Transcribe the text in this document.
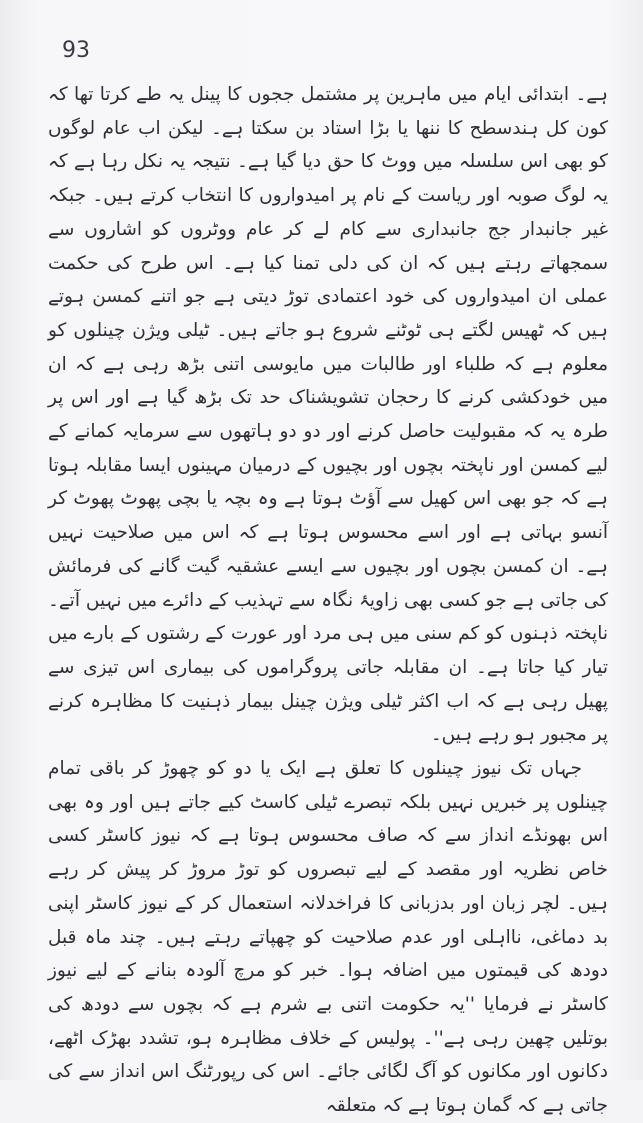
93

ہے۔ ابتدائی ایام میں ماہرین پر مشتمل ججوں کا پینل یہ طے کرتا تھا کہ کون کل ہندسطح کا ننھا یا بڑا استاد بن سکتا ہے۔ لیکن اب عام لوگوں کو بھی اس سلسلہ میں ووٹ کا حق دیا گیا ہے۔ نتیجہ یہ نکل رہا ہے کہ یہ لوگ صوبہ اور ریاست کے نام پر امیدواروں کا انتخاب کرتے ہیں۔ جبکہ غیر جانبدار جج جانبداری سے کام لے کر عام ووٹروں کو اشاروں سے سمجھاتے رہتے ہیں کہ ان کی دلی تمنا کیا ہے۔ اس طرح کی حکمت عملی ان امیدواروں کی خود اعتمادی توڑ دیتی ہے جو اتنے کمسن ہوتے ہیں کہ ٹھیس لگتے ہی ٹوٹنے شروع ہو جاتے ہیں۔ ٹیلی ویژن چینلوں کو معلوم ہے کہ طلباء اور طالبات میں مایوسی اتنی بڑھ رہی ہے کہ ان میں خودکشی کرنے کا رحجان تشویشناک حد تک بڑھ گیا ہے اور اس پر طرہ یہ کہ مقبولیت حاصل کرنے اور دو دو ہاتھوں سے سرمایہ کمانے کے لیے کمسن اور ناپختہ بچوں اور بچیوں کے درمیان مہینوں ایسا مقابلہ ہوتا ہے کہ جو بھی اس کھیل سے آؤٹ ہوتا ہے وہ بچہ یا بچی پھوٹ پھوٹ کر آنسو بہاتی ہے اور اسے محسوس ہوتا ہے کہ اس میں صلاحیت نہیں ہے۔ ان کمسن بچوں اور بچیوں سے ایسے عشقیہ گیت گانے کی فرمائش کی جاتی ہے جو کسی بھی زاویۂ نگاہ سے تہذیب کے دائرے میں نہیں آتے۔ ناپختہ ذہنوں کو کم سنی میں ہی مرد اور عورت کے رشتوں کے بارے میں تیار کیا جاتا ہے۔ ان مقابلہ جاتی پروگراموں کی بیماری اس تیزی سے پھیل رہی ہے کہ اب اکثر ٹیلی ویژن چینل بیمار ذہنیت کا مظاہرہ کرنے پر مجبور ہو رہے ہیں۔

جہاں تک نیوز چینلوں کا تعلق ہے ایک یا دو کو چھوڑ کر باقی تمام چینلوں پر خبریں نہیں بلکہ تبصرے ٹیلی کاسٹ کیے جاتے ہیں اور وہ بھی اس بھونڈے انداز سے کہ صاف محسوس ہوتا ہے کہ نیوز کاسٹر کسی خاص نظریہ اور مقصد کے لیے تبصروں کو توڑ مروڑ کر پیش کر رہے ہیں۔ لچر زبان اور بدزبانی کا فراخدلانہ استعمال کر کے نیوز کاسٹر اپنی بد دماغی، نااہلی اور عدم صلاحیت کو چھپاتے رہتے ہیں۔ چند ماہ قبل دودھ کی قیمتوں میں اضافہ ہوا۔ خبر کو مرچ آلودہ بنانے کے لیے نیوز کاسٹر نے فرمایا ''یہ حکومت اتنی بے شرم ہے کہ بچوں سے دودھ کی بوتلیں چھین رہی ہے''۔ پولیس کے خلاف مظاہرہ ہو، تشدد بھڑک اٹھے، دکانوں اور مکانوں کو آگ لگائی جائے۔ اس کی رپورٹنگ اس انداز سے کی جاتی ہے کہ گمان ہوتا ہے کہ متعلقہ
